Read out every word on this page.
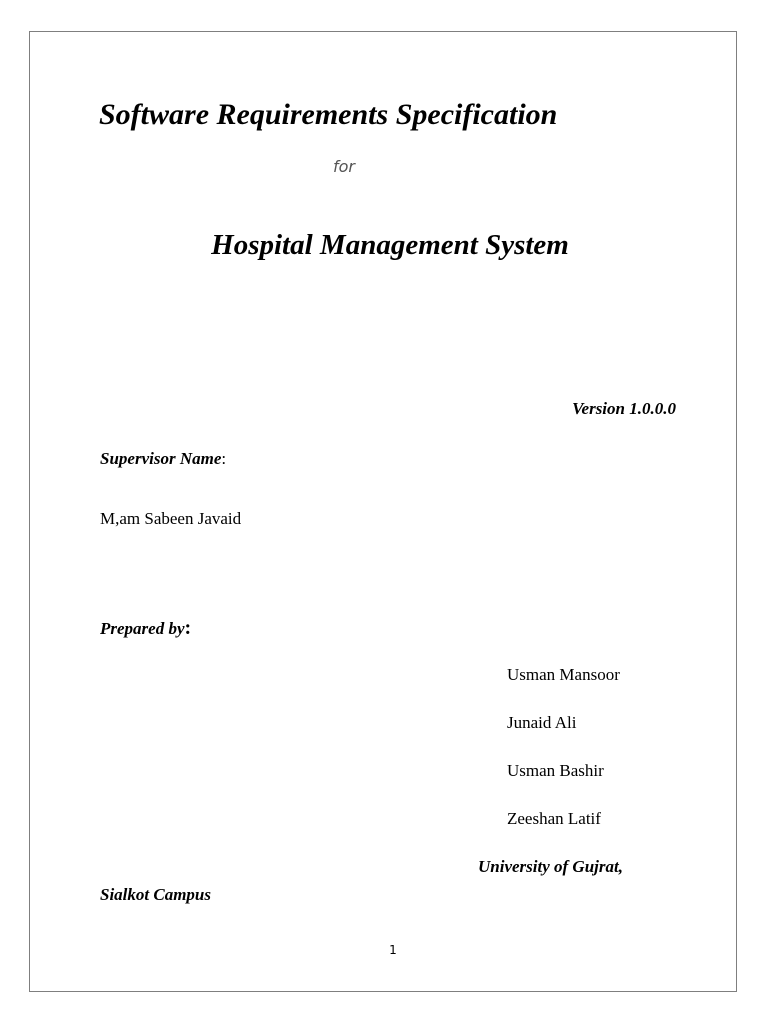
Software Requirements Specification
for
Hospital Management System
Version 1.0.0.0
Supervisor Name:
M,am Sabeen Javaid
Prepared by:
Usman Mansoor
Junaid Ali
Usman Bashir
Zeeshan Latif
University of Gujrat,
Sialkot Campus
1
